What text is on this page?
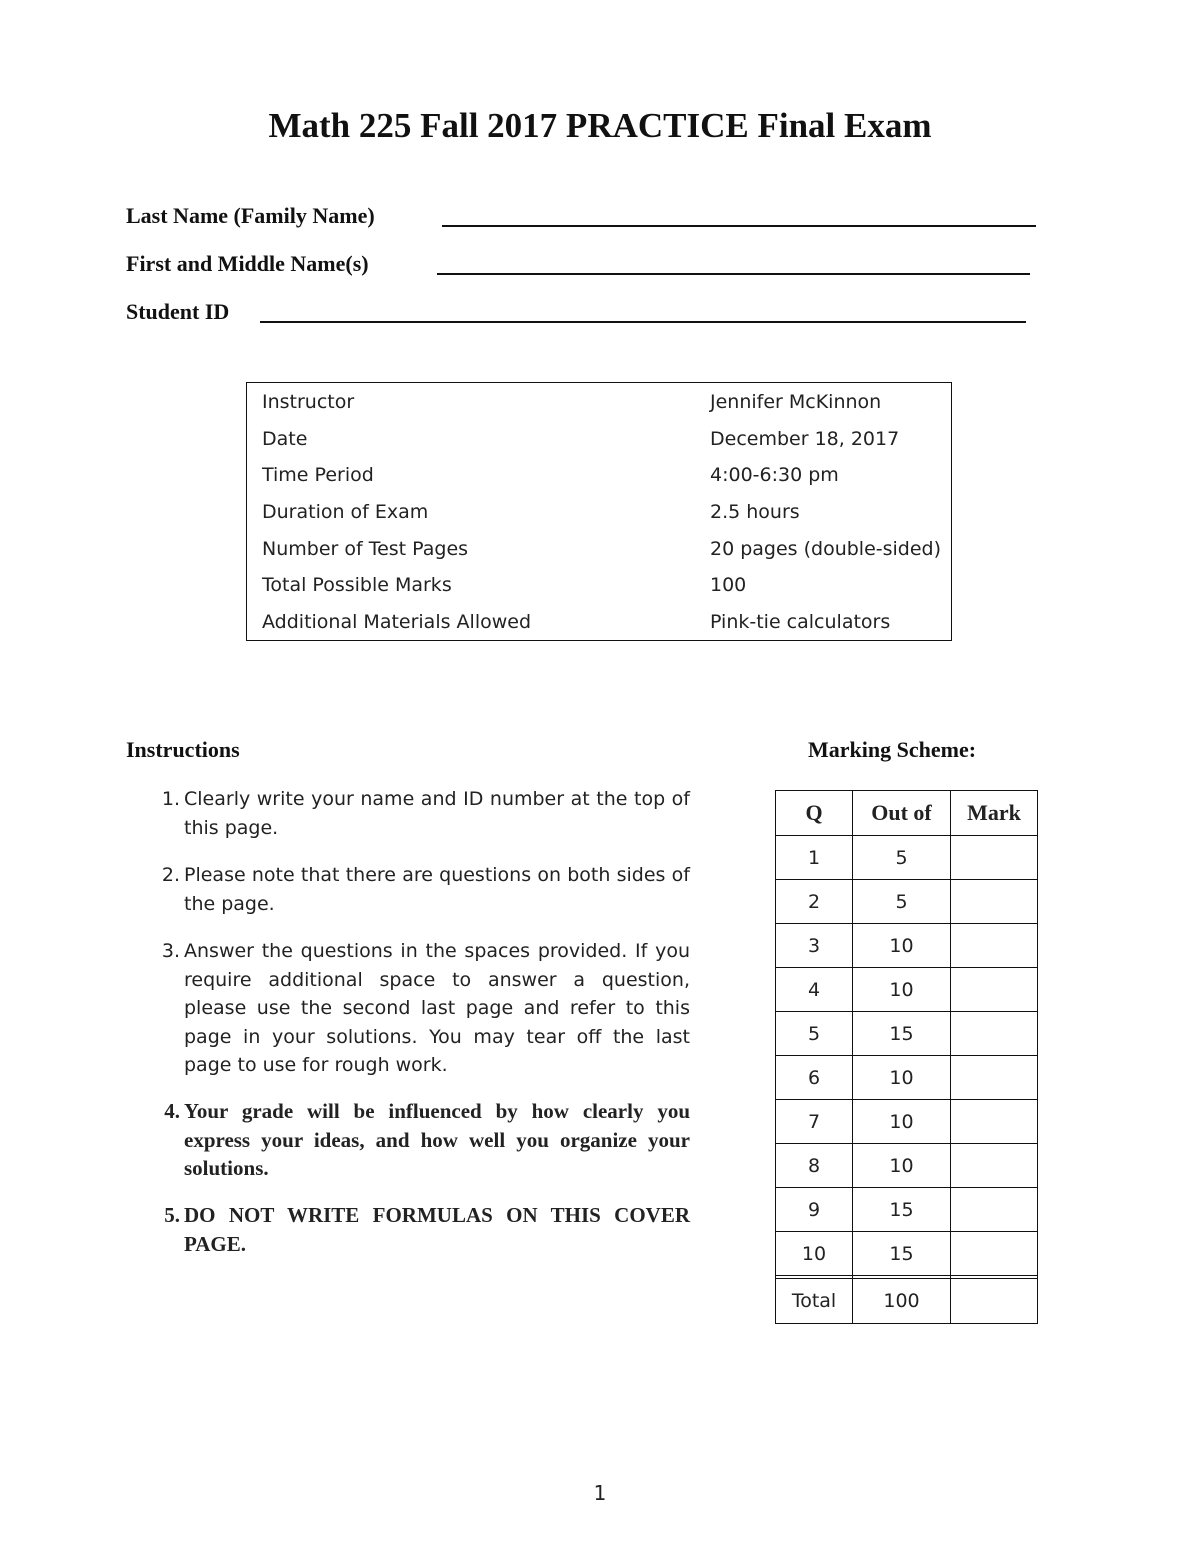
Math 225 Fall 2017 PRACTICE Final Exam
Last Name (Family Name)
First and Middle Name(s)
Student ID
Instructor	Jennifer McKinnon
Date	December 18, 2017
Time Period	4:00-6:30 pm
Duration of Exam	2.5 hours
Number of Test Pages	20 pages (double-sided)
Total Possible Marks	100
Additional Materials Allowed	Pink-tie calculators
Instructions	Marking Scheme:
1. Clearly write your name and ID number at the top of this page.
2. Please note that there are questions on both sides of the page.
3. Answer the questions in the spaces provided. If you require additional space to answer a question, please use the second last page and refer to this page in your solutions. You may tear off the last page to use for rough work.
4. Your grade will be influenced by how clearly you express your ideas, and how well you organize your solutions.
5. DO NOT WRITE FORMULAS ON THIS COVER PAGE.
Q	Out of	Mark
1	5	
2	5	
3	10	
4	10	
5	15	
6	10	
7	10	
8	10	
9	15	
10	15	

Total	100	
1
